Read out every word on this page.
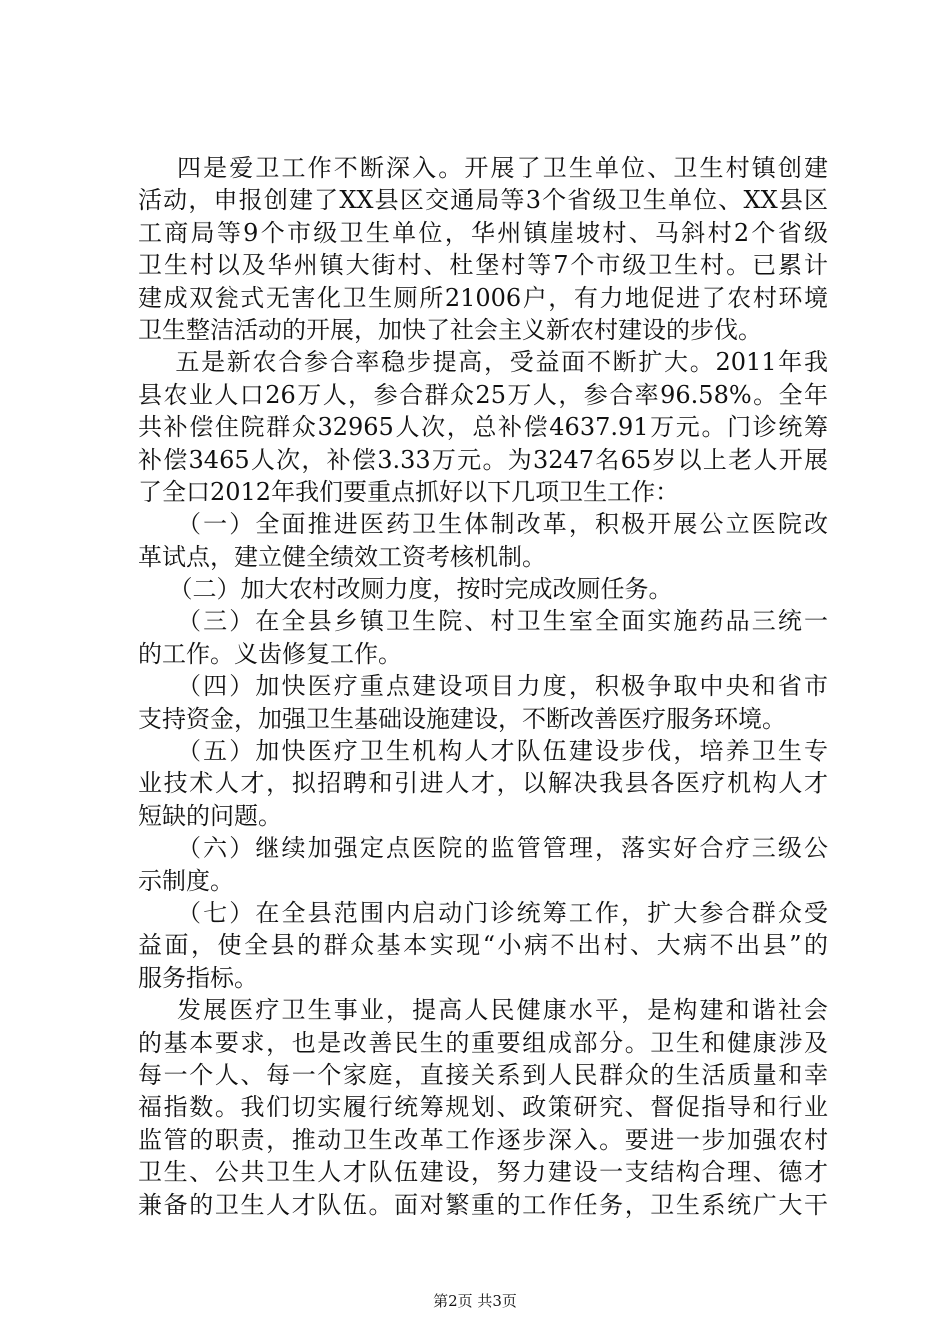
四是爱卫工作不断深入。开展了卫生单位、卫生村镇创建
活动，申报创建了XX县区交通局等3个省级卫生单位、XX县区
工商局等9个市级卫生单位，华州镇崖坡村、马斜村2个省级
卫生村以及华州镇大街村、杜堡村等7个市级卫生村。已累计
建成双瓮式无害化卫生厕所21006户，有力地促进了农村环境
卫生整洁活动的开展，加快了社会主义新农村建设的步伐。
五是新农合参合率稳步提高，受益面不断扩大。2011年我
县农业人口26万人，参合群众25万人，参合率96.58%。全年
共补偿住院群众32965人次，总补偿4637.91万元。门诊统筹
补偿3465人次，补偿3.33万元。为3247名65岁以上老人开展
了全口2012年我们要重点抓好以下几项卫生工作：
（一）全面推进医药卫生体制改革，积极开展公立医院改
革试点，建立健全绩效工资考核机制。
（二）加大农村改厕力度，按时完成改厕任务。
（三）在全县乡镇卫生院、村卫生室全面实施药品三统一
的工作。义齿修复工作。
（四）加快医疗重点建设项目力度，积极争取中央和省市
支持资金，加强卫生基础设施建设，不断改善医疗服务环境。
（五）加快医疗卫生机构人才队伍建设步伐，培养卫生专
业技术人才，拟招聘和引进人才，以解决我县各医疗机构人才
短缺的问题。
（六）继续加强定点医院的监管管理，落实好合疗三级公
示制度。
（七）在全县范围内启动门诊统筹工作，扩大参合群众受
益面，使全县的群众基本实现“小病不出村、大病不出县”的
服务指标。
发展医疗卫生事业，提高人民健康水平，是构建和谐社会
的基本要求，也是改善民生的重要组成部分。卫生和健康涉及
每一个人、每一个家庭，直接关系到人民群众的生活质量和幸
福指数。我们切实履行统筹规划、政策研究、督促指导和行业
监管的职责，推动卫生改革工作逐步深入。要进一步加强农村
卫生、公共卫生人才队伍建设，努力建设一支结构合理、德才
兼备的卫生人才队伍。面对繁重的工作任务，卫生系统广大干
第2页 共3页
